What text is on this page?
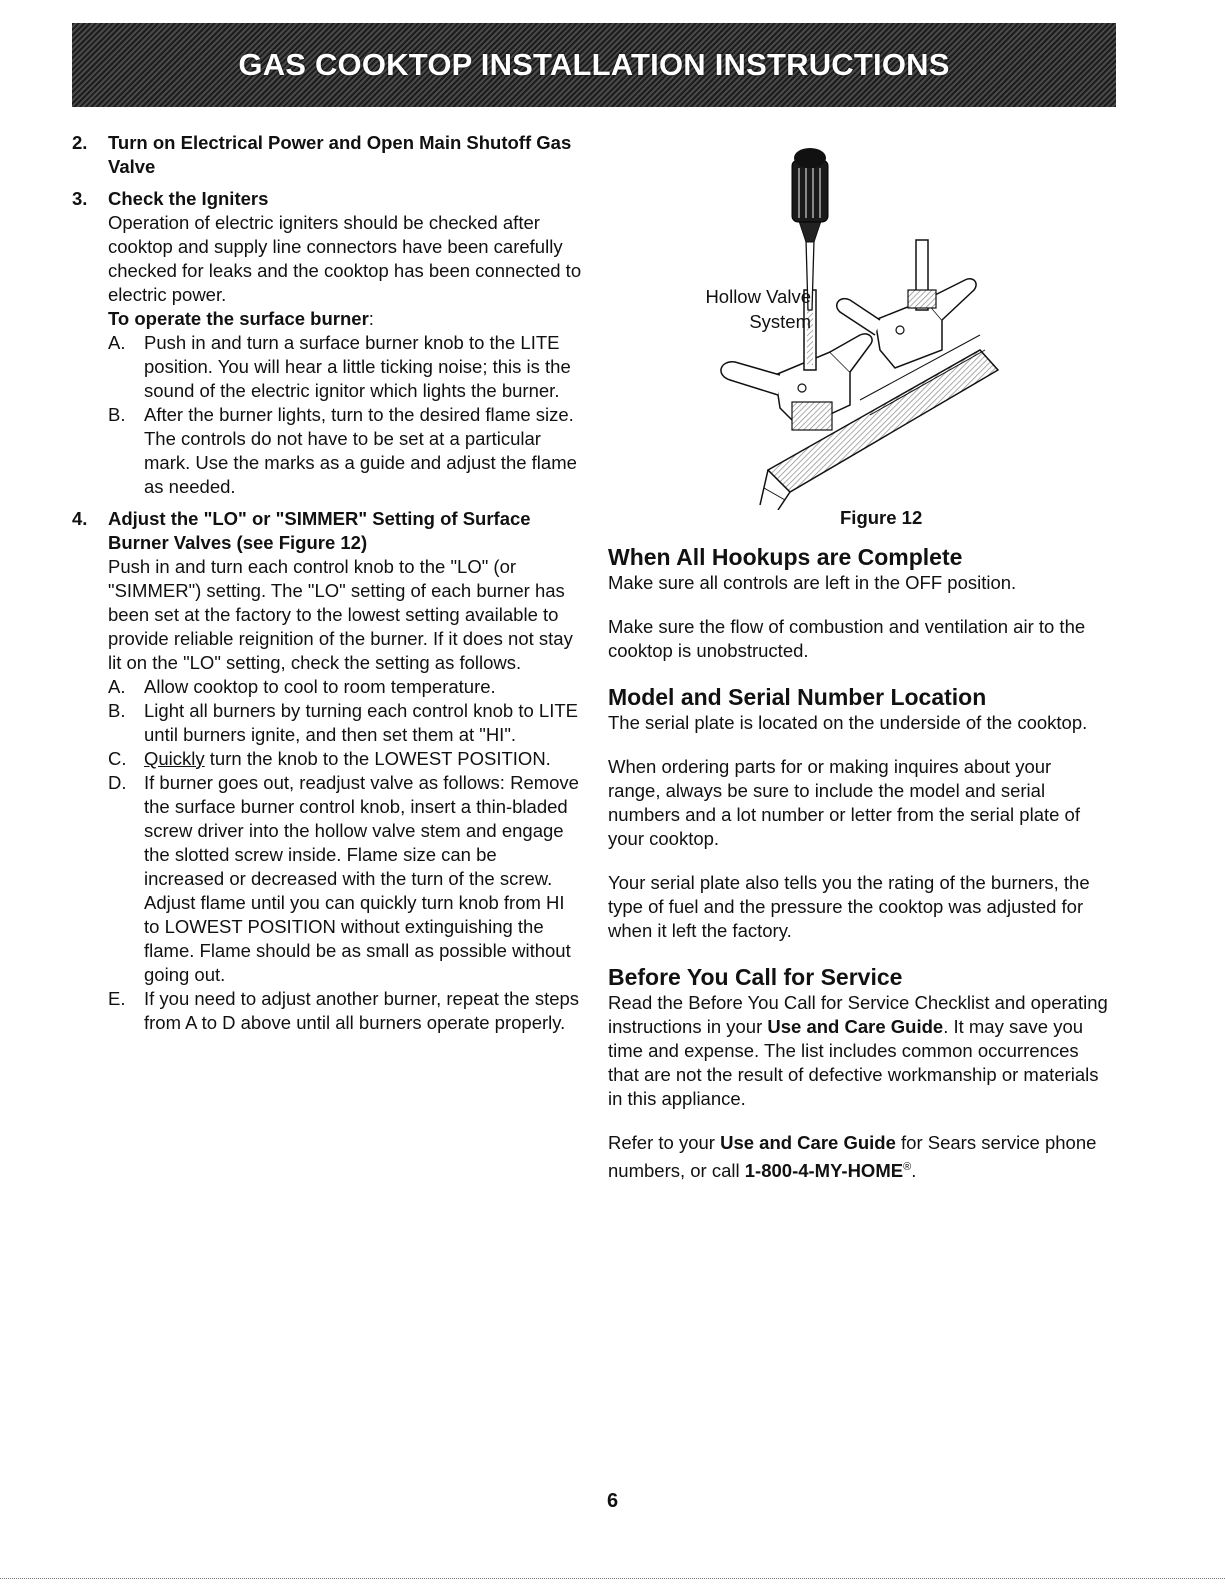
GAS COOKTOP INSTALLATION INSTRUCTIONS
2. Turn on Electrical Power and Open Main Shutoff Gas Valve
3. Check the Igniters
Operation of electric igniters should be checked after cooktop and supply line connectors have been carefully checked for leaks and the cooktop has been connected to electric power.
To operate the surface burner:
A. Push in and turn a surface burner knob to the LITE position. You will hear a little ticking noise; this is the sound of the electric ignitor which lights the burner.
B. After the burner lights, turn to the desired flame size. The controls do not have to be set at a particular mark. Use the marks as a guide and adjust the flame as needed.
4. Adjust the "LO" or "SIMMER" Setting of Surface Burner Valves (see Figure 12)
Push in and turn each control knob to the "LO" (or "SIMMER") setting. The "LO" setting of each burner has been set at the factory to the lowest setting available to provide reliable reignition of the burner. If it does not stay lit on the "LO" setting, check the setting as follows.
A. Allow cooktop to cool to room temperature.
B. Light all burners by turning each control knob to LITE until burners ignite, and then set them at "HI".
C. Quickly turn the knob to the LOWEST POSITION.
D. If burner goes out, readjust valve as follows: Remove the surface burner control knob, insert a thin-bladed screw driver into the hollow valve stem and engage the slotted screw inside. Flame size can be increased or decreased with the turn of the screw. Adjust flame until you can quickly turn knob from HI to LOWEST POSITION without extinguishing the flame. Flame should be as small as possible without going out.
E. If you need to adjust another burner, repeat the steps from A to D above until all burners operate properly.
Hollow Valve
System
Figure 12
When All Hookups are Complete

Make sure all controls are left in the OFF position.

Make sure the flow of combustion and ventilation air to the cooktop is unobstructed.

Model and Serial Number Location

The serial plate is located on the underside of the cooktop.

When ordering parts for or making inquires about your range, always be sure to include the model and serial numbers and a lot number or letter from the serial plate of your cooktop.

Your serial plate also tells you the rating of the burners, the type of fuel and the pressure the cooktop was adjusted for when it left the factory.

Before You Call for Service

Read the Before You Call for Service Checklist and operating instructions in your Use and Care Guide. It may save you time and expense. The list includes common occurrences that are not the result of defective workmanship or materials in this appliance.

Refer to your Use and Care Guide for Sears service phone numbers, or call 1-800-4-MY-HOME®.

6
